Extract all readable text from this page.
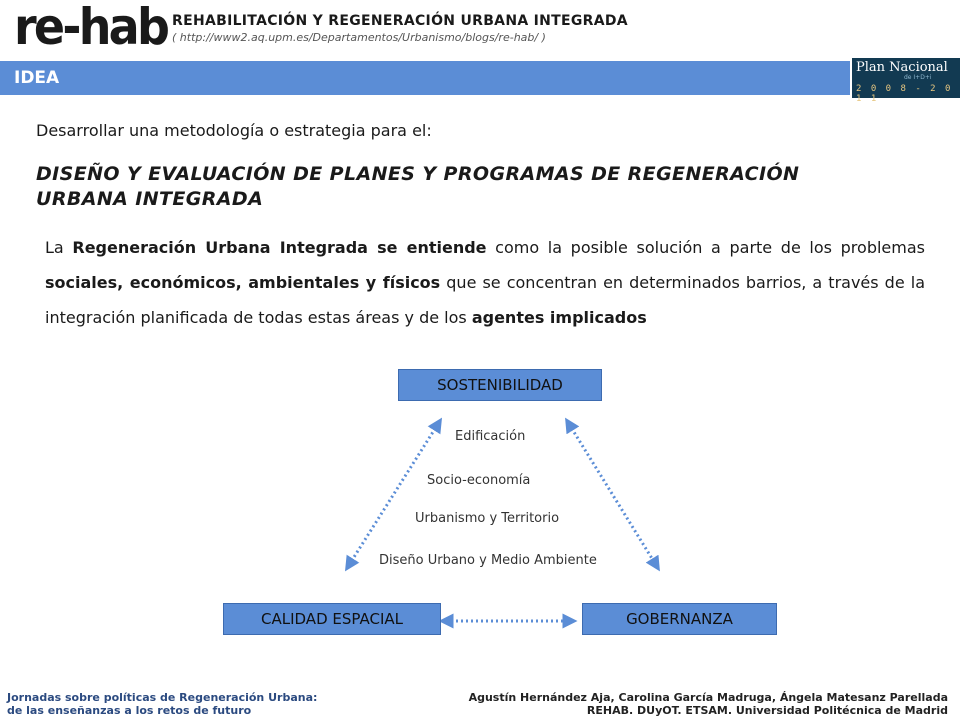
re-hab REHABILITACIÓN Y REGENERACIÓN URBANA INTEGRADA
( http://www2.aq.upm.es/Departamentos/Urbanismo/blogs/re-hab/ )
IDEA
Plan Nacional
de I+D+i
2 0 0 8 - 2 0 1 1
Desarrollar una metodología o estrategia para el:
DISEÑO Y EVALUACIÓN DE PLANES Y PROGRAMAS DE REGENERACIÓN URBANA INTEGRADA
La Regeneración Urbana Integrada se entiende como la posible solución a parte de los problemas sociales, económicos, ambientales y físicos que se concentran en determinados barrios, a través de la integración planificada de todas estas áreas y de los agentes implicados
SOSTENIBILIDAD
CALIDAD ESPACIAL	GOBERNANZA
Edificación
Socio-economía
Urbanismo y Territorio
Diseño Urbano y Medio Ambiente
Jornadas sobre políticas de Regeneración Urbana:
de las enseñanzas a los retos de futuro
Agustín Hernández Aja, Carolina García Madruga, Ángela Matesanz Parellada
REHAB. DUyOT. ETSAM. Universidad Politécnica de Madrid
